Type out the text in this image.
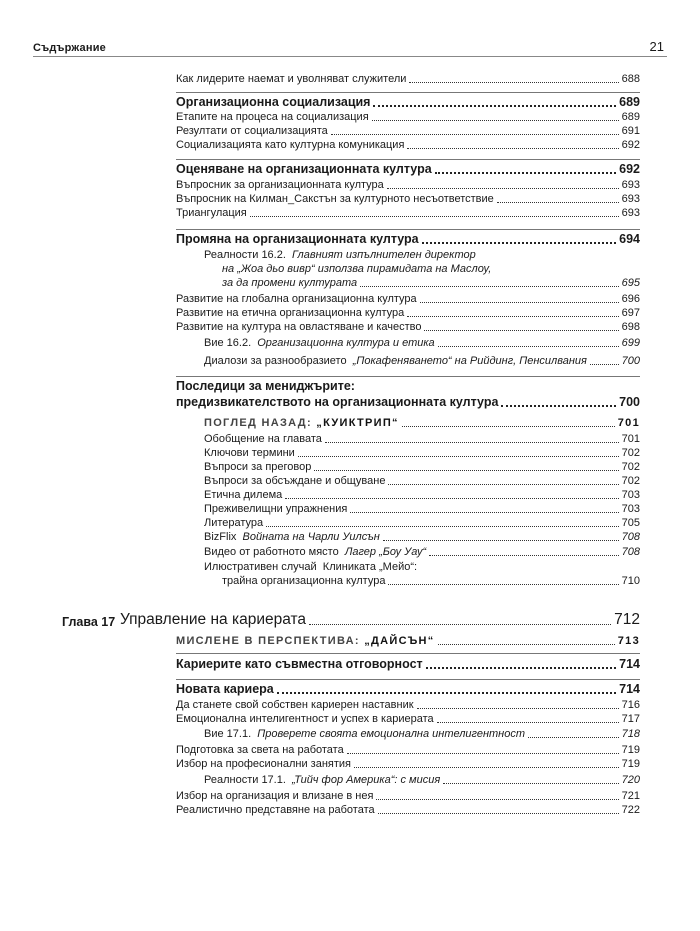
Съдържание	21
Как лидерите наемат и уволняват служители	688
Организационна социализация	689
Етапите на процеса на социализация	689
Резултати от социализацията	691
Социализацията като културна комуникация	692
Оценяване на организационната култура	692
Въпросник за организационната култура	693
Въпросник на Килман_Сакстън за културното несъответствие	693
Триангулация	693
Промяна на организационната култура	694
Реалности 16.2. Главният изпълнителен директор
на „Жоа дьо вивр“ използва пирамидата на Маслоу,
за да промени културата	695
Развитие на глобална организационна култура	696
Развитие на етична организационна култура	697
Развитие на култура на овластяване и качество	698
Вие 16.2. Организационна култура и етика	699
Диалози за разнообразието „Покафеняването“ на Рийдинг, Пенсилвания	700
Последици за мениджърите:
предизвикателството на организационната култура	700
ПОГЛЕД НАЗАД: „КУИКТРИП“	701
Обобщение на главата	701
Ключови термини	702
Въпроси за преговор	702
Въпроси за обсъждане и общуване	702
Етична дилема	703
Преживелищни упражнения	703
Литература	705
BizFlix Войната на Чарли Уилсън	708
Видео от работното място Лагер „Боу Уау“	708
Илюстративен случай Клиниката „Мейо“:
трайна организационна култура	710
Глава 17 Управление на кариерата	712
МИСЛЕНЕ В ПЕРСПЕКТИВА: „ДАЙСЪН“	713
Кариерите като съвместна отговорност	714
Новата кариера	714
Да станете свой собствен кариерен наставник	716
Емоционална интелигентност и успех в кариерата	717
Вие 17.1. Проверете своята емоционална интелигентност	718
Подготовка за света на работата	719
Избор на професионални занятия	719
Реалности 17.1. „Тийч фор Америка“: с мисия	720
Избор на организация и влизане в нея	721
Реалистично представяне на работата	722
